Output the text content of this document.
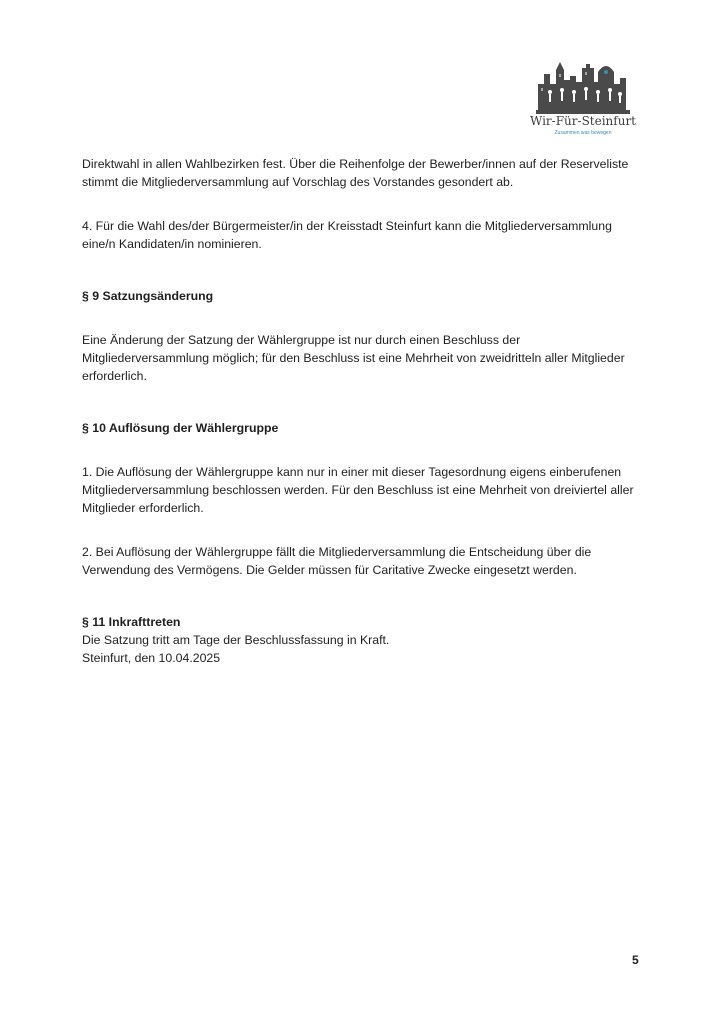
Wir-Für-Steinfurt
Zusammen was bewegen

Direktwahl in allen Wahlbezirken fest. Über die Reihenfolge der Bewerber/innen auf der Reserveliste stimmt die Mitgliederversammlung auf Vorschlag des Vorstandes gesondert ab.

4. Für die Wahl des/der Bürgermeister/in der Kreisstadt Steinfurt kann die Mitgliederversammlung eine/n Kandidaten/in nominieren.

§ 9 Satzungsänderung

Eine Änderung der Satzung der Wählergruppe ist nur durch einen Beschluss der Mitgliederversammlung möglich; für den Beschluss ist eine Mehrheit von zweidritteln aller Mitglieder erforderlich.

§ 10 Auflösung der Wählergruppe

1. Die Auflösung der Wählergruppe kann nur in einer mit dieser Tagesordnung eigens einberufenen Mitgliederversammlung beschlossen werden. Für den Beschluss ist eine Mehrheit von dreiviertel aller Mitglieder erforderlich.

2. Bei Auflösung der Wählergruppe fällt die Mitgliederversammlung die Entscheidung über die Verwendung des Vermögens. Die Gelder müssen für Caritative Zwecke eingesetzt werden.

§ 11 Inkrafttreten

Die Satzung tritt am Tage der Beschlussfassung in Kraft.

Steinfurt, den 10.04.2025

5
